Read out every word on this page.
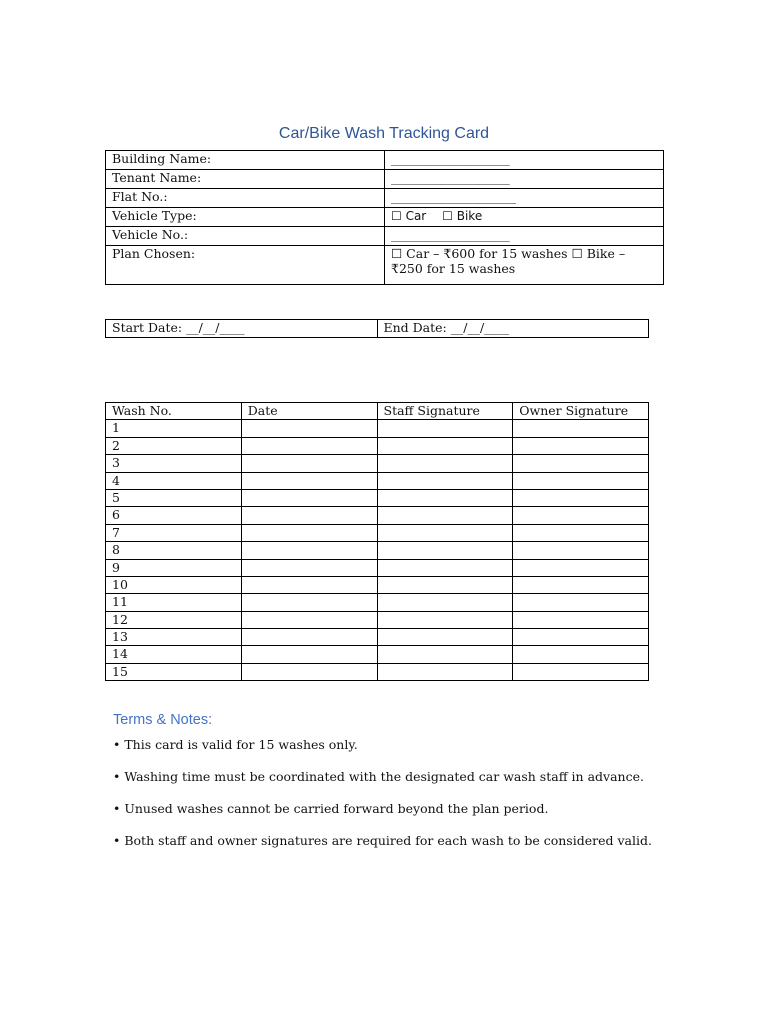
Car/Bike Wash Tracking Card
Building Name:	___________________
Tenant Name:	___________________
Flat No.:	____________________
Vehicle Type:	☐ Car ☐ Bike
Vehicle No.:	___________________
Plan Chosen:	☐ Car – ₹600 for 15 washes ☐ Bike – ₹250 for 15 washes
Start Date: __/__/____	End Date: __/__/____
Wash No.	Date	Staff Signature	Owner Signature
1			
2			
3			
4			
5			
6			
7			
8			
9			
10			
11			
12			
13			
14			
15			
Terms & Notes:
• This card is valid for 15 washes only.
• Washing time must be coordinated with the designated car wash staff in advance.
• Unused washes cannot be carried forward beyond the plan period.
• Both staff and owner signatures are required for each wash to be considered valid.
